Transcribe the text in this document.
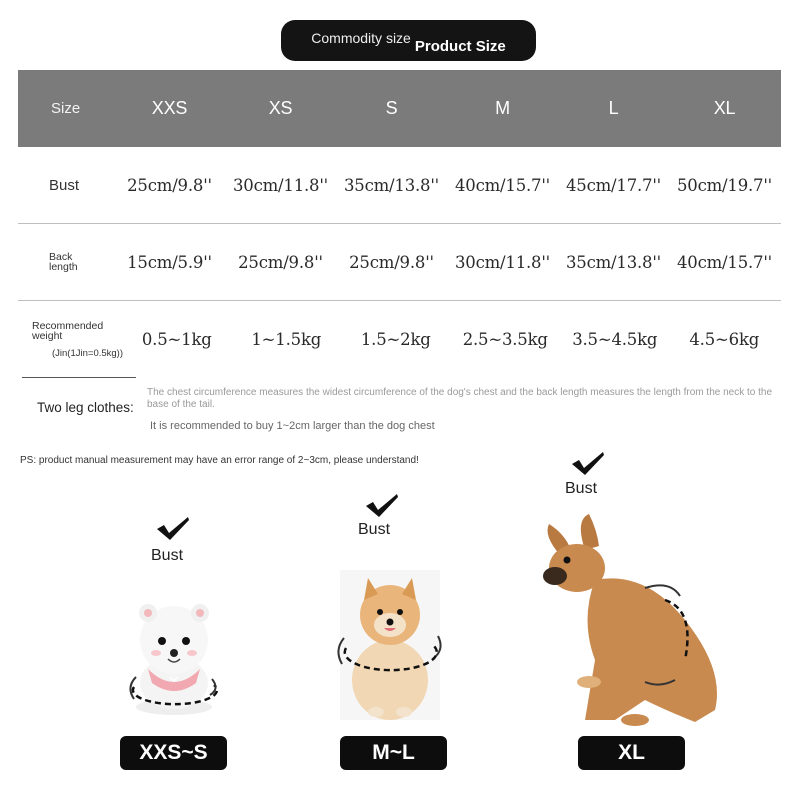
Commodity size
Product Size
Size	XXS	XS	S	M	L	XL
Bust	25cm/9.8''	30cm/11.8'' 35cm/13.8'' 40cm/15.7'' 45cm/17.7'' 50cm/19.7''
Back
length	15cm/5.9''	25cm/9.8''	25cm/9.8''	30cm/11.8'' 35cm/13.8'' 40cm/15.7''
Recommended
weight
(Jin(1Jin=0.5kg))
0.5~1kg	1~1.5kg	1.5~2kg	2.5~3.5kg	3.5~4.5kg	4.5~6kg
Two leg clothes:
The chest circumference measures the widest circumference of the dog's chest and the back length measures the length from the neck to the base of the tail.
It is recommended to buy 1~2cm larger than the dog chest
PS: product manual measurement may have an error range of 2~3cm, please understand!
Bust
XXS~S
Bust
M~L
Bust
XL
